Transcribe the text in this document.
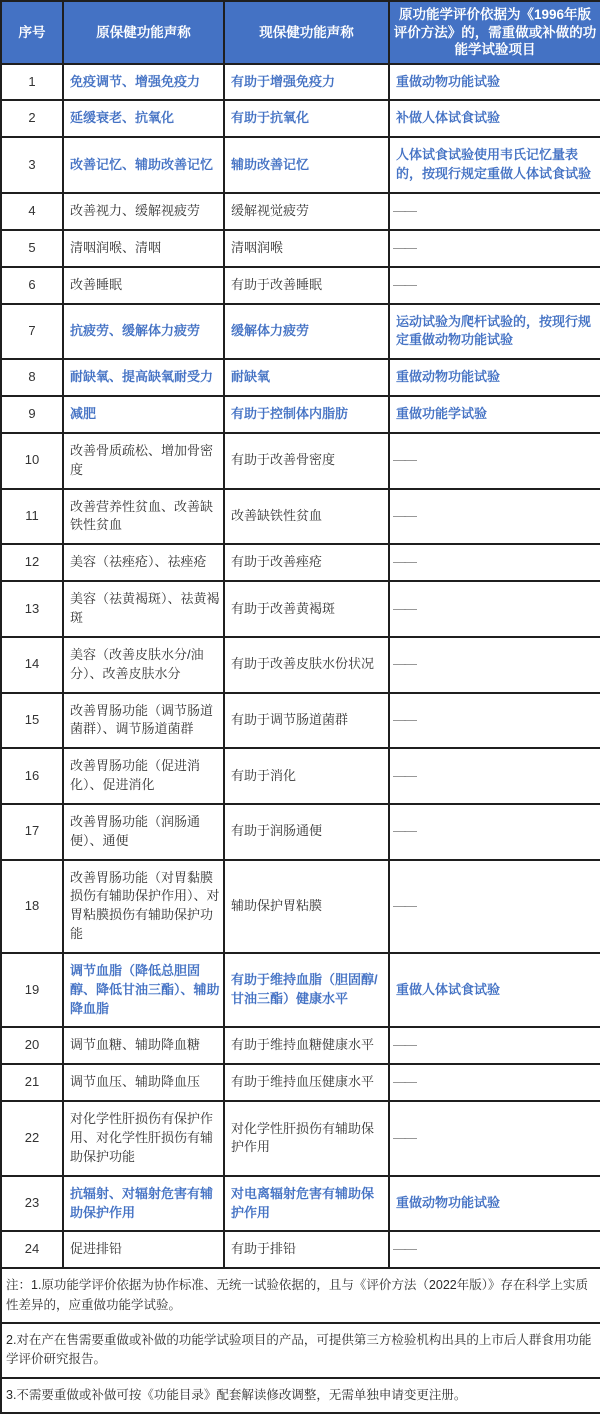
序号	原保健功能声称	现保健功能声称	原功能学评价依据为《1996年版评价方法》的，需重做或补做的功能学试验项目
1	免疫调节、增强免疫力	有助于增强免疫力	重做动物功能试验
2	延缓衰老、抗氧化	有助于抗氧化	补做人体试食试验
3	改善记忆、辅助改善记忆	辅助改善记忆	人体试食试验使用韦氏记忆量表的，按现行规定重做人体试食试验
4	改善视力、缓解视疲劳	缓解视觉疲劳	——
5	清咽润喉、清咽	清咽润喉	——
6	改善睡眠	有助于改善睡眠	——
7	抗疲劳、缓解体力疲劳	缓解体力疲劳	运动试验为爬杆试验的，按现行规定重做动物功能试验
8	耐缺氧、提高缺氧耐受力	耐缺氧	重做动物功能试验
9	减肥	有助于控制体内脂肪	重做功能学试验
10	改善骨质疏松、增加骨密度	有助于改善骨密度	——
11	改善营养性贫血、改善缺铁性贫血	改善缺铁性贫血	——
12	美容（祛痤疮）、祛痤疮	有助于改善痤疮	——
13	美容（祛黄褐斑）、祛黄褐斑	有助于改善黄褐斑	——
14	美容（改善皮肤水分/油分）、改善皮肤水分	有助于改善皮肤水份状况	——
15	改善胃肠功能（调节肠道菌群）、调节肠道菌群	有助于调节肠道菌群	——
16	改善胃肠功能（促进消化）、促进消化	有助于消化	——
17	改善胃肠功能（润肠通便）、通便	有助于润肠通便	——
18	改善胃肠功能（对胃黏膜损伤有辅助保护作用）、对胃粘膜损伤有辅助保护功能	辅助保护胃粘膜	——
19	调节血脂（降低总胆固醇、降低甘油三酯）、辅助降血脂	有助于维持血脂（胆固醇/甘油三酯）健康水平	重做人体试食试验
20	调节血糖、辅助降血糖	有助于维持血糖健康水平	——
21	调节血压、辅助降血压	有助于维持血压健康水平	——
22	对化学性肝损伤有保护作用、对化学性肝损伤有辅助保护功能	对化学性肝损伤有辅助保护作用	——
23	抗辐射、对辐射危害有辅助保护作用	对电离辐射危害有辅助保护作用	重做动物功能试验
24	促进排铅	有助于排铅	——
注：1.原功能学评价依据为协作标准、无统一试验依据的，且与《评价方法（2022年版）》存在科学上实质性差异的，应重做功能学试验。			
2.对在产在售需要重做或补做的功能学试验项目的产品，可提供第三方检验机构出具的上市后人群食用功能学评价研究报告。			
3.不需要重做或补做可按《功能目录》配套解读修改调整，无需单独申请变更注册。			
